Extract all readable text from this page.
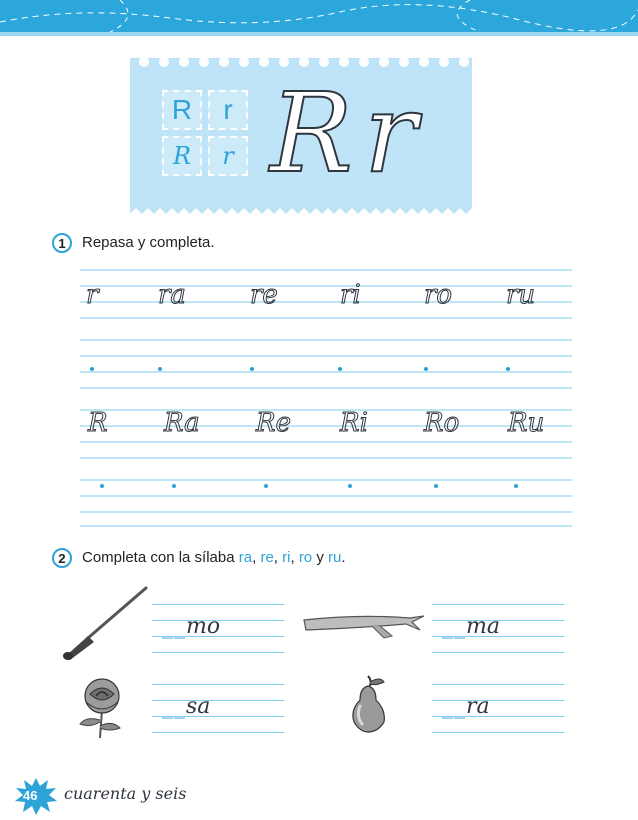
R r
R r R r
1	Repasa y completa.
r ra re ri ro ru
R Ra Re Ri Ro Ru
2	Completa con la sílaba ra, re, ri, ro y ru.
__mo	__ma
__sa	__ra
46 cuarenta y seis
